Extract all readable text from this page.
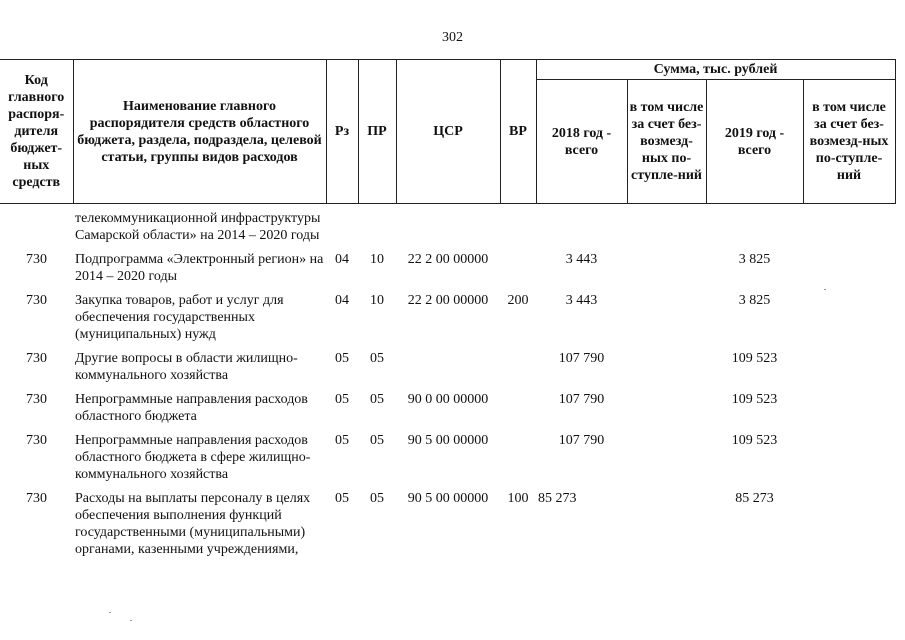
302
Код главного распоря-дителя бюджет-ных средств	Наименование главного распорядителя средств областного бюджета, раздела, подраздела, целевой статьи, группы видов расходов	Рз	ПР	ЦСР	ВР	Сумма, тыс. рублей			
						2018 год - всего	в том числе за счет без-возмезд-ных по-ступле-ний	2019 год - всего	в том числе за счет без-возмезд-ных по-ступле-ний
	телекоммуникационной инфраструктуры Самарской области» на 2014 – 2020 годы								
730	Подпрограмма «Электронный регион» на 2014 – 2020 годы	04	10	22 2 00 00000		3 443		3 825	
730	Закупка товаров, работ и услуг для обеспечения государственных (муниципальных) нужд	04	10	22 2 00 00000	200	3 443		3 825	
730	Другие вопросы в области жилищно-коммунального хозяйства	05	05			107 790		109 523	
730	Непрограммные направления расходов областного бюджета	05	05	90 0 00 00000		107 790		109 523	
730	Непрограммные направления расходов областного бюджета в сфере жилищно-коммунального хозяйства	05	05	90 5 00 00000		107 790		109 523	
730	Расходы на выплаты персоналу в целях обеспечения выполнения функций государственными (муниципальными) органами, казенными учреждениями,	05	05	90 5 00 00000	100	85 273		85 273	
